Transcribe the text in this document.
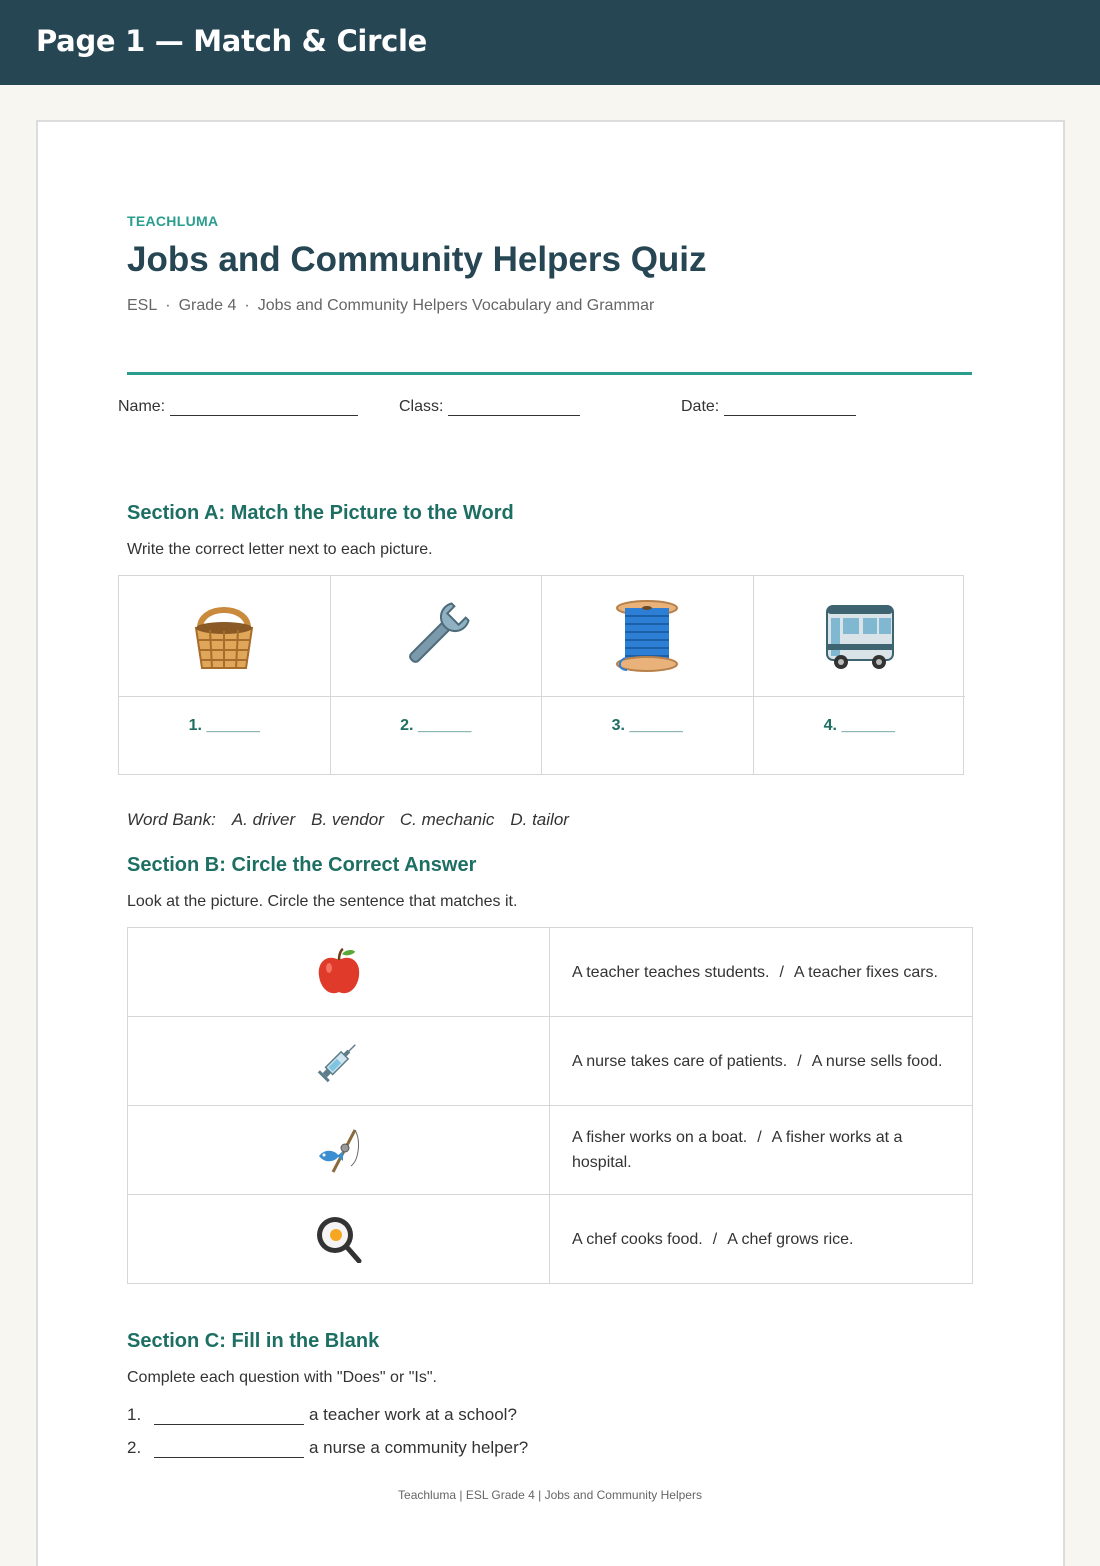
Page 1 — Match & Circle
TEACHLUMA
Jobs and Community Helpers Quiz
ESL · Grade 4 · Jobs and Community Helpers Vocabulary and Grammar
Name:	Class:	Date:
Section A: Match the Picture to the Word
Write the correct letter next to each picture.
1. ______	2. ______	3. ______	4. ______
Word Bank: A. driver B. vendor C. mechanic D. tailor
Section B: Circle the Correct Answer
Look at the picture. Circle the sentence that matches it.
A teacher teaches students. / A teacher fixes cars.
A nurse takes care of patients. / A nurse sells food.
A fisher works on a boat. / A fisher works at a hospital.
A chef cooks food. / A chef grows rice.
Section C: Fill in the Blank
Complete each question with "Does" or "Is".
1.	a teacher work at a school?
2.	a nurse a community helper?
Teachluma | ESL Grade 4 | Jobs and Community Helpers
